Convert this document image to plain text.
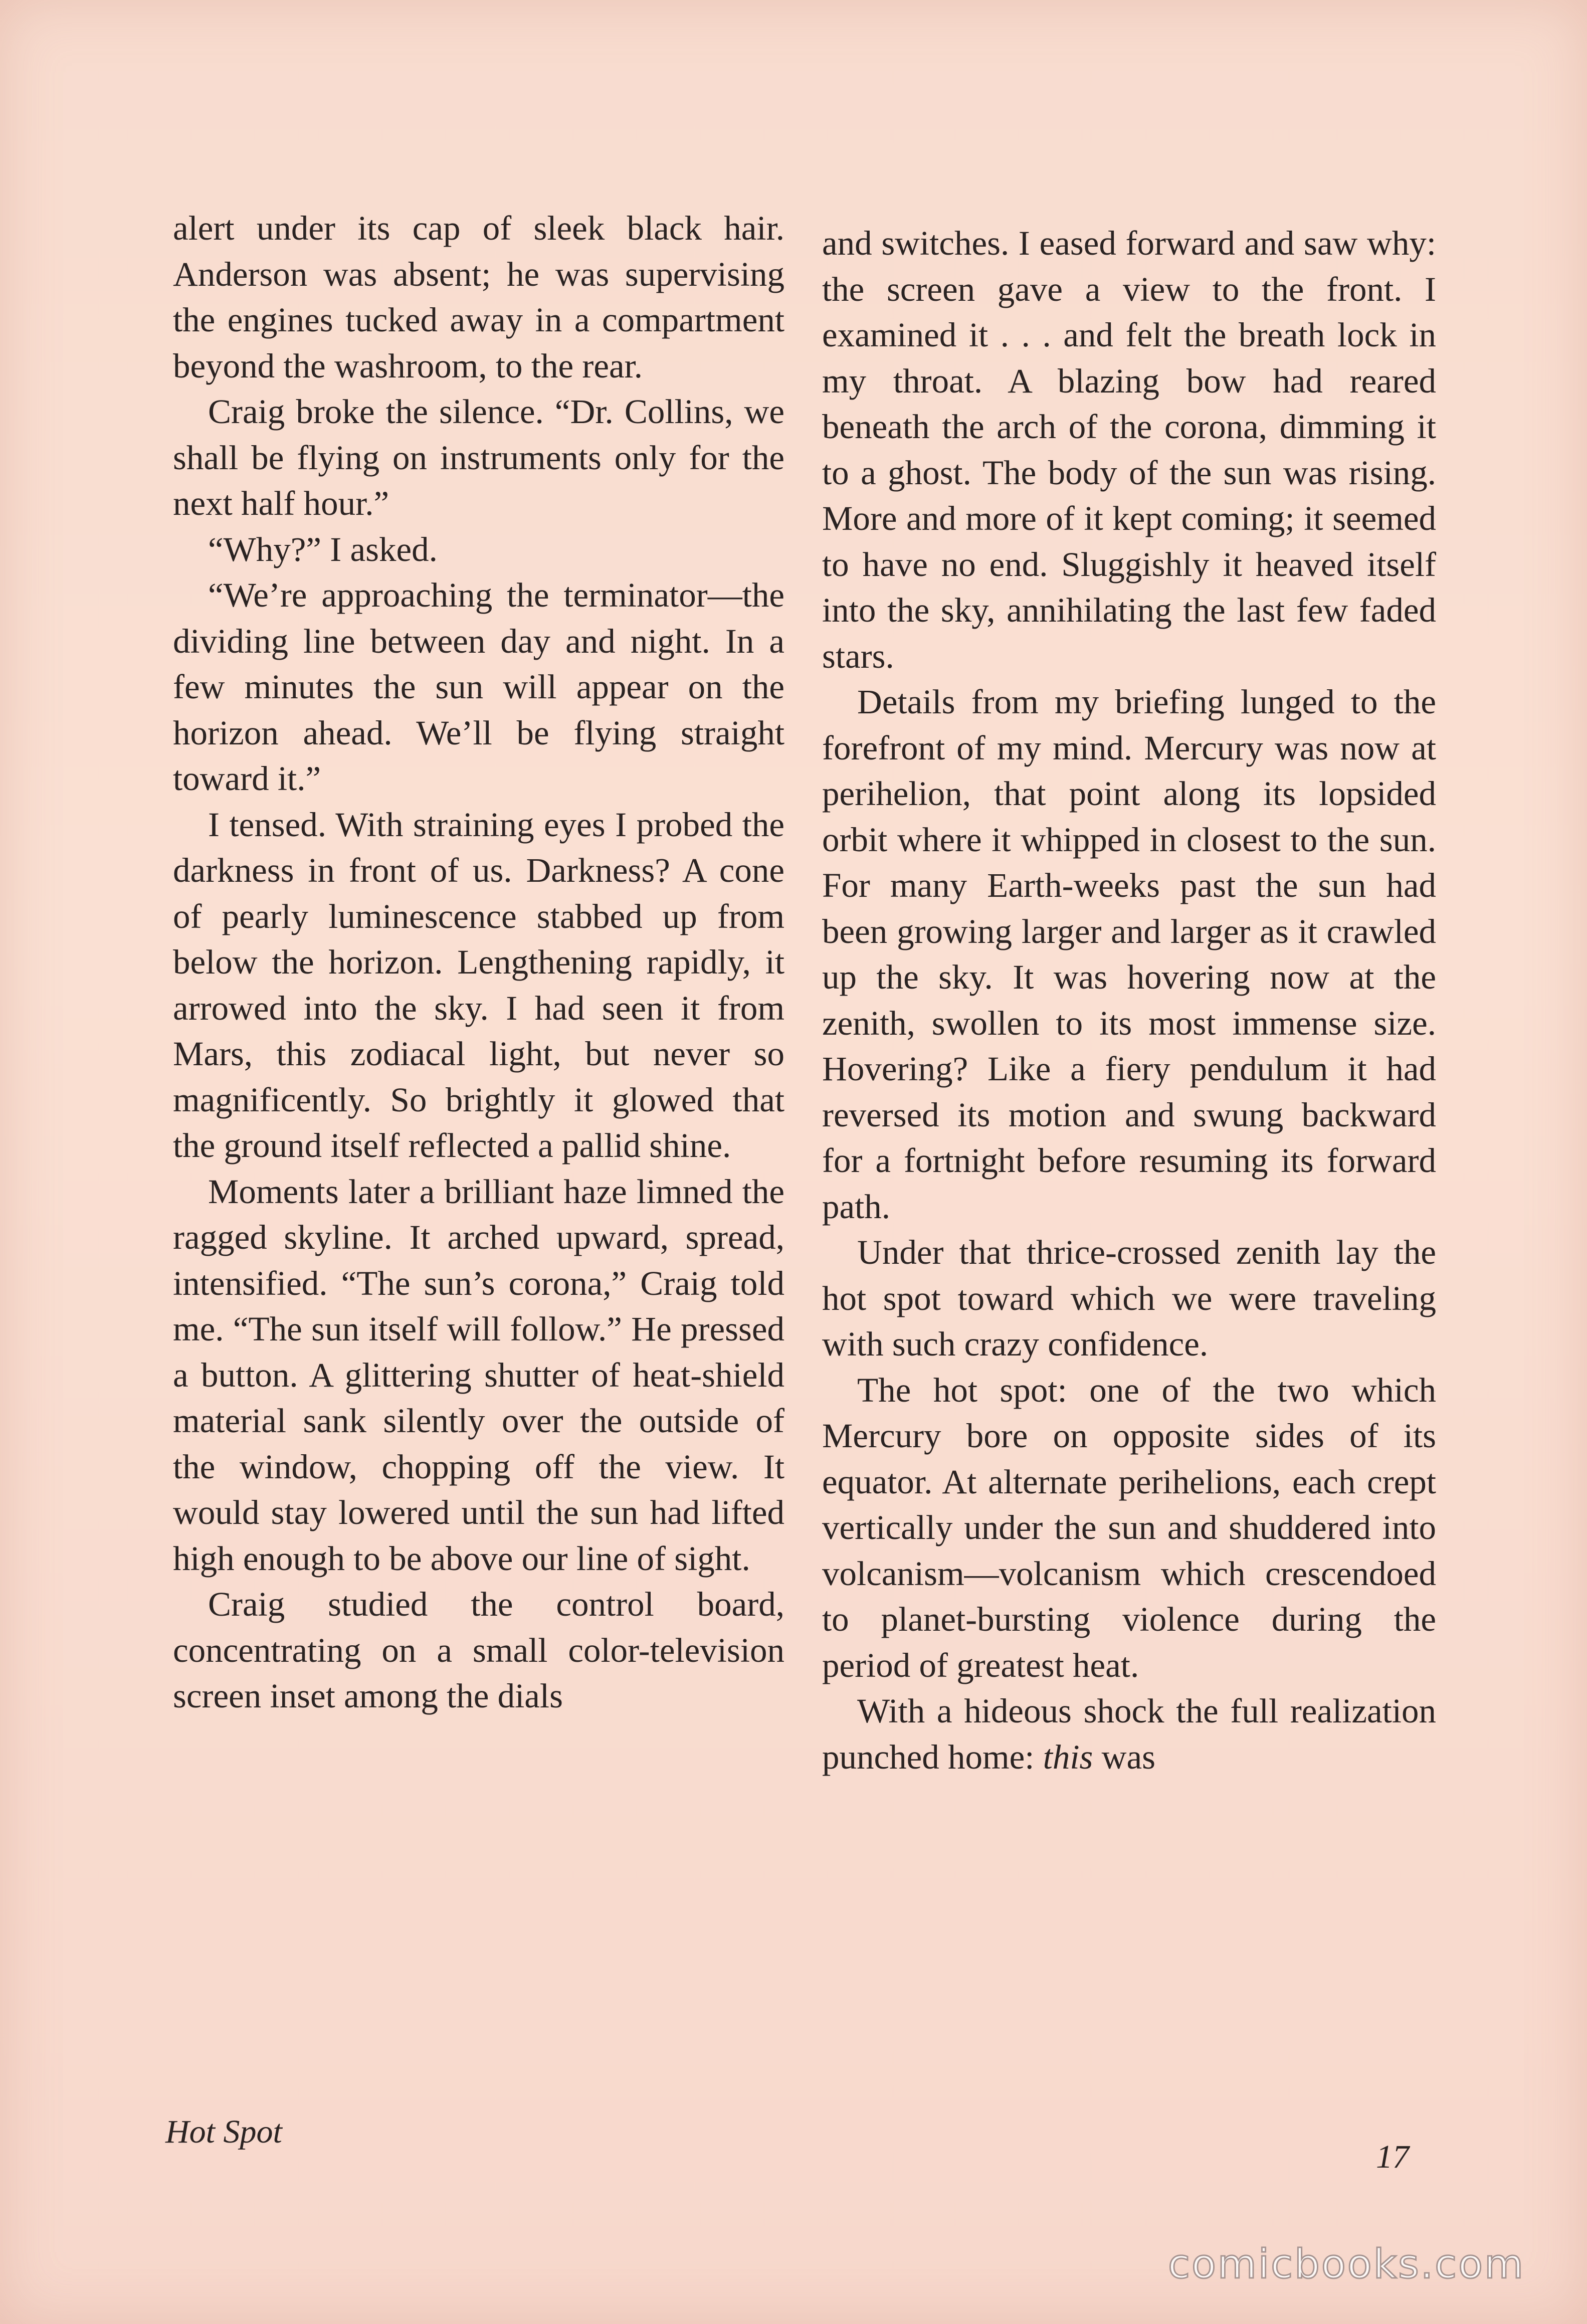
alert under its cap of sleek black hair. Anderson was absent; he was supervising the engines tucked away in a compartment beyond the washroom, to the rear.

Craig broke the silence. “Dr. Collins, we shall be flying on instruments only for the next half hour.”

“Why?” I asked.

“We’re approaching the terminator—the dividing line between day and night. In a few minutes the sun will appear on the horizon ahead. We’ll be flying straight toward it.”

I tensed. With straining eyes I probed the darkness in front of us. Darkness? A cone of pearly luminescence stabbed up from below the horizon. Lengthening rapidly, it arrowed into the sky. I had seen it from Mars, this zodiacal light, but never so magnificently. So brightly it glowed that the ground itself reflected a pallid shine.

Moments later a brilliant haze limned the ragged skyline. It arched upward, spread, intensified. “The sun’s corona,” Craig told me. “The sun itself will follow.” He pressed a button. A glittering shutter of heat-shield material sank silently over the outside of the window, chopping off the view. It would stay lowered until the sun had lifted high enough to be above our line of sight.

Craig studied the control board, concentrating on a small color-television screen inset among the dials

and switches. I eased forward and saw why: the screen gave a view to the front. I examined it . . . and felt the breath lock in my throat. A blazing bow had reared beneath the arch of the corona, dimming it to a ghost. The body of the sun was rising. More and more of it kept coming; it seemed to have no end. Sluggishly it heaved itself into the sky, annihilating the last few faded stars.

Details from my briefing lunged to the forefront of my mind. Mercury was now at perihelion, that point along its lopsided orbit where it whipped in closest to the sun. For many Earth-weeks past the sun had been growing larger and larger as it crawled up the sky. It was hovering now at the zenith, swollen to its most immense size. Hovering? Like a fiery pendulum it had reversed its motion and swung backward for a fortnight before resuming its forward path.

Under that thrice-crossed zenith lay the hot spot toward which we were traveling with such crazy confidence.

The hot spot: one of the two which Mercury bore on opposite sides of its equator. At alternate perihelions, each crept vertically under the sun and shuddered into volcanism—volcanism which crescendoed to planet-bursting violence during the period of greatest heat.

With a hideous shock the full realization punched home: this was

Hot Spot
17
comicbooks.com
